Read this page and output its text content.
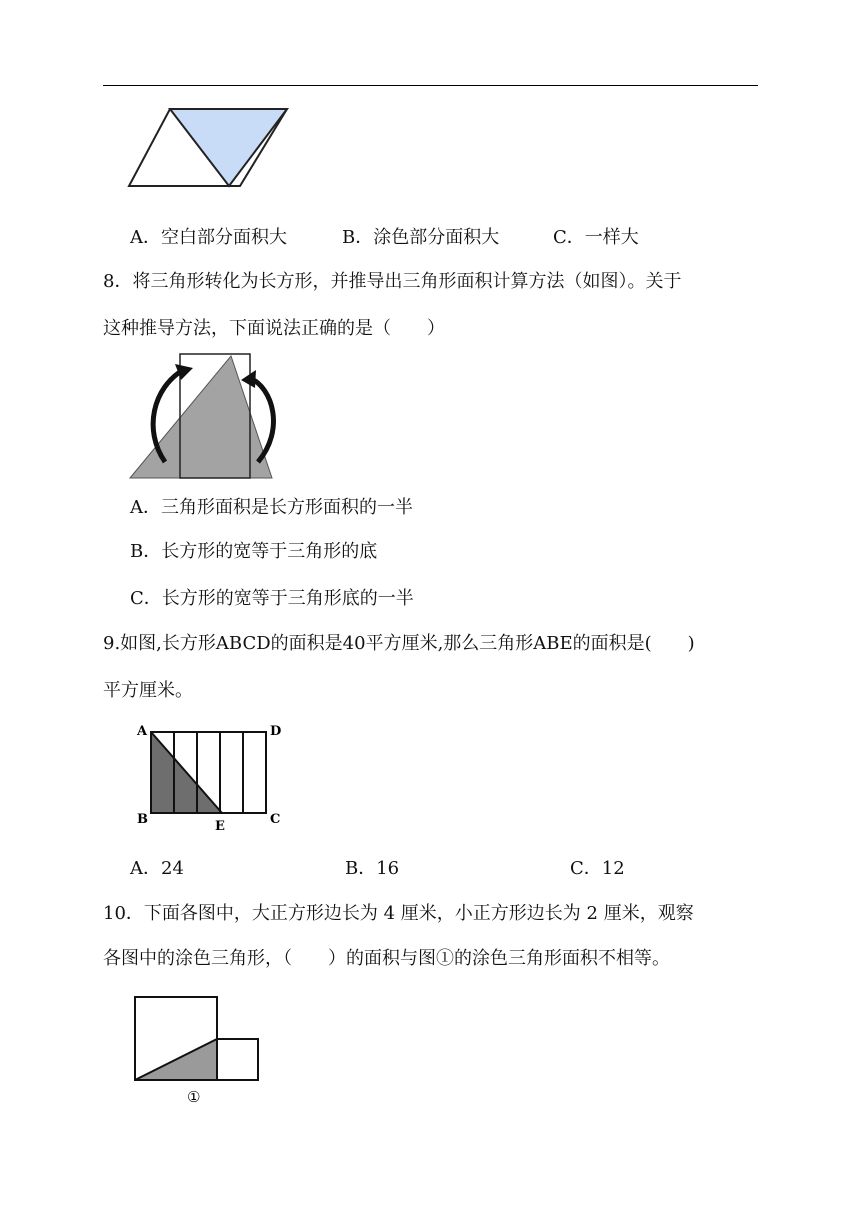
A．空白部分面积大	B．涂色部分面积大	C．一样大
8．将三角形转化为长方形，并推导出三角形面积计算方法（如图）。关于
这种推导方法，下面说法正确的是（　　）
A．三角形面积是长方形面积的一半
B．长方形的宽等于三角形的底
C．长方形的宽等于三角形底的一半
9.如图,长方形ABCD的面积是40平方厘米,那么三角形ABE的面积是(　　)
平方厘米。
A	D
B	E	C
A．24	B．16	C．12
10．下面各图中，大正方形边长为 4 厘米，小正方形边长为 2 厘米，观察
各图中的涂色三角形，（　　）的面积与图①的涂色三角形面积不相等。
①
